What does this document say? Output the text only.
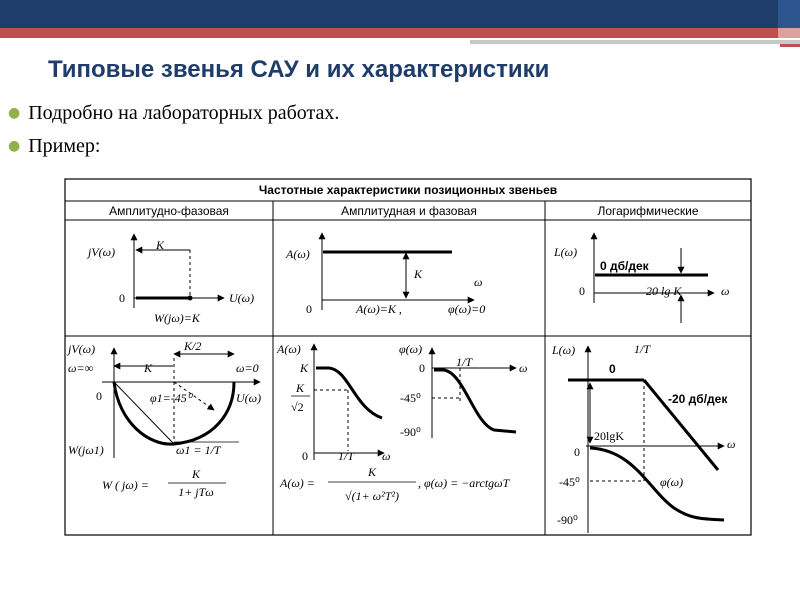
Типовые звенья САУ и их характеристики
● Подробно на лабораторных работах.
● Пример:
Частотные характеристики позиционных звеньев
Амплитудно-фазовая	Амплитудная и фазовая	Логарифмические
jV(ω)	K
0	U(ω)
W(jω)=K
A(ω)
K
ω
0	A(ω)=K ,	φ(ω)=0
L(ω)
0 дб/дек
0	20 lg K	ω
jV(ω)	K/2
ω=∞	K	ω=0
0	φ1=-45⁰	U(ω)
W(jω1)	ω1 = 1/T
W ( jω) =
K
1+ jTω
A(ω)
K
K
√2
0	1/T ω
φ(ω)
0	1/T	ω
-45⁰
-90⁰
A(ω) =
K
√(1+ ω²T²)
, φ(ω) = −arctgωT
L(ω)	1/T
0
-20 дб/дек
20lgK
ω
0
-45⁰	φ(ω)
-90⁰
